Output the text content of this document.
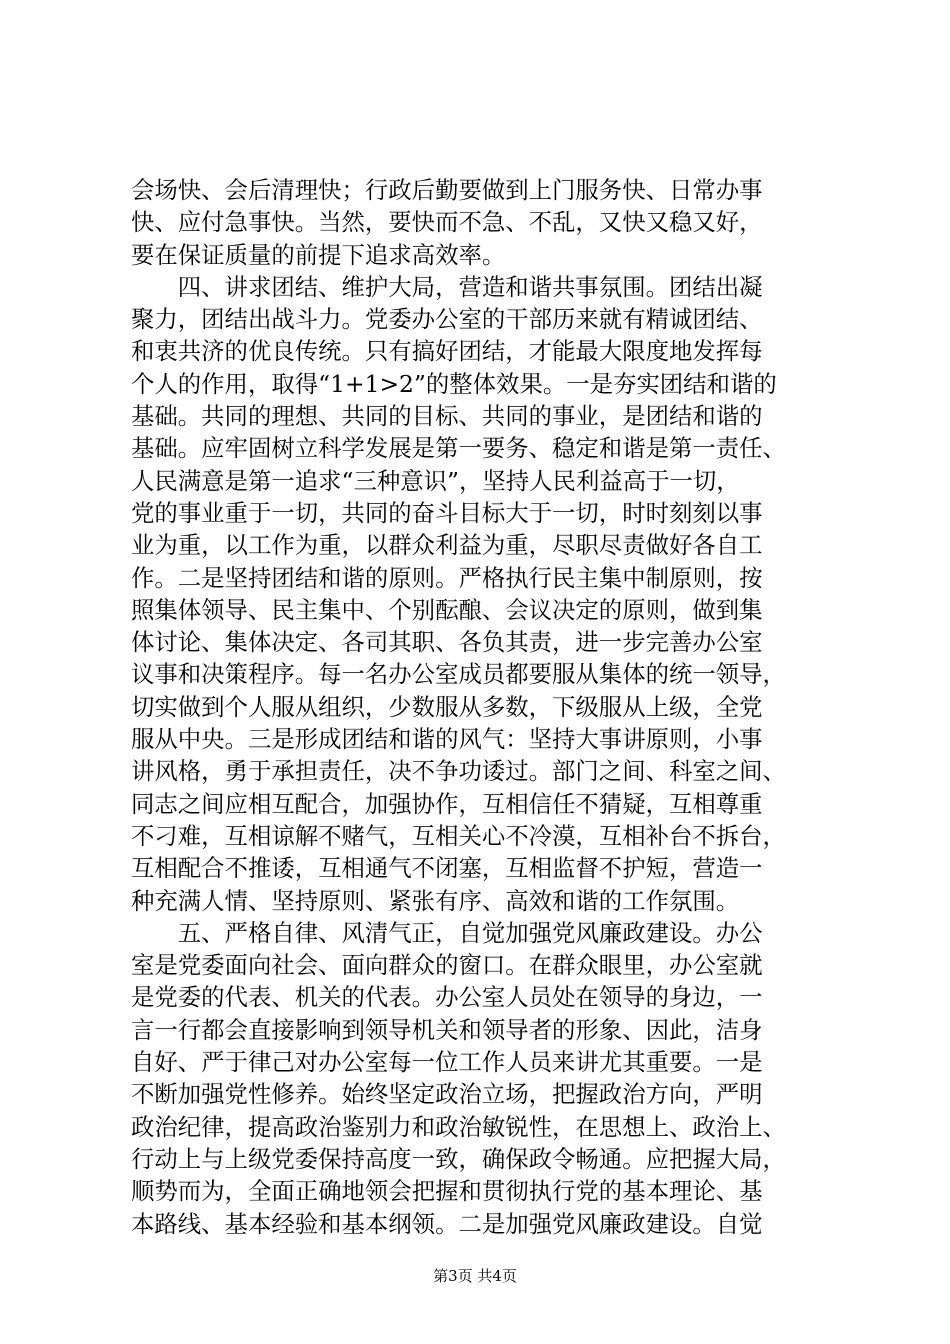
会场快、会后清理快；行政后勤要做到上门服务快、日常办事
快、应付急事快。当然，要快而不急、不乱，又快又稳又好，
要在保证质量的前提下追求高效率。
　　四、讲求团结、维护大局，营造和谐共事氛围。团结出凝
聚力，团结出战斗力。党委办公室的干部历来就有精诚团结、
和衷共济的优良传统。只有搞好团结，才能最大限度地发挥每
个人的作用，取得“1+1>2”的整体效果。一是夯实团结和谐的
基础。共同的理想、共同的目标、共同的事业，是团结和谐的
基础。应牢固树立科学发展是第一要务、稳定和谐是第一责任、
人民满意是第一追求“三种意识”，坚持人民利益高于一切，
党的事业重于一切，共同的奋斗目标大于一切，时时刻刻以事
业为重，以工作为重，以群众利益为重，尽职尽责做好各自工
作。二是坚持团结和谐的原则。严格执行民主集中制原则，按
照集体领导、民主集中、个别酝酿、会议决定的原则，做到集
体讨论、集体决定、各司其职、各负其责，进一步完善办公室
议事和决策程序。每一名办公室成员都要服从集体的统一领导，
切实做到个人服从组织，少数服从多数，下级服从上级，全党
服从中央。三是形成团结和谐的风气：坚持大事讲原则，小事
讲风格，勇于承担责任，决不争功诿过。部门之间、科室之间、
同志之间应相互配合，加强协作，互相信任不猜疑，互相尊重
不刁难，互相谅解不赌气，互相关心不冷漠，互相补台不拆台，
互相配合不推诿，互相通气不闭塞，互相监督不护短，营造一
种充满人情、坚持原则、紧张有序、高效和谐的工作氛围。
　　五、严格自律、风清气正，自觉加强党风廉政建设。办公
室是党委面向社会、面向群众的窗口。在群众眼里，办公室就
是党委的代表、机关的代表。办公室人员处在领导的身边，一
言一行都会直接影响到领导机关和领导者的形象、因此，洁身
自好、严于律己对办公室每一位工作人员来讲尤其重要。一是
不断加强党性修养。始终坚定政治立场，把握政治方向，严明
政治纪律，提高政治鉴别力和政治敏锐性，在思想上、政治上、
行动上与上级党委保持高度一致，确保政令畅通。应把握大局，
顺势而为，全面正确地领会把握和贯彻执行党的基本理论、基
本路线、基本经验和基本纲领。二是加强党风廉政建设。自觉
第3页 共4页
